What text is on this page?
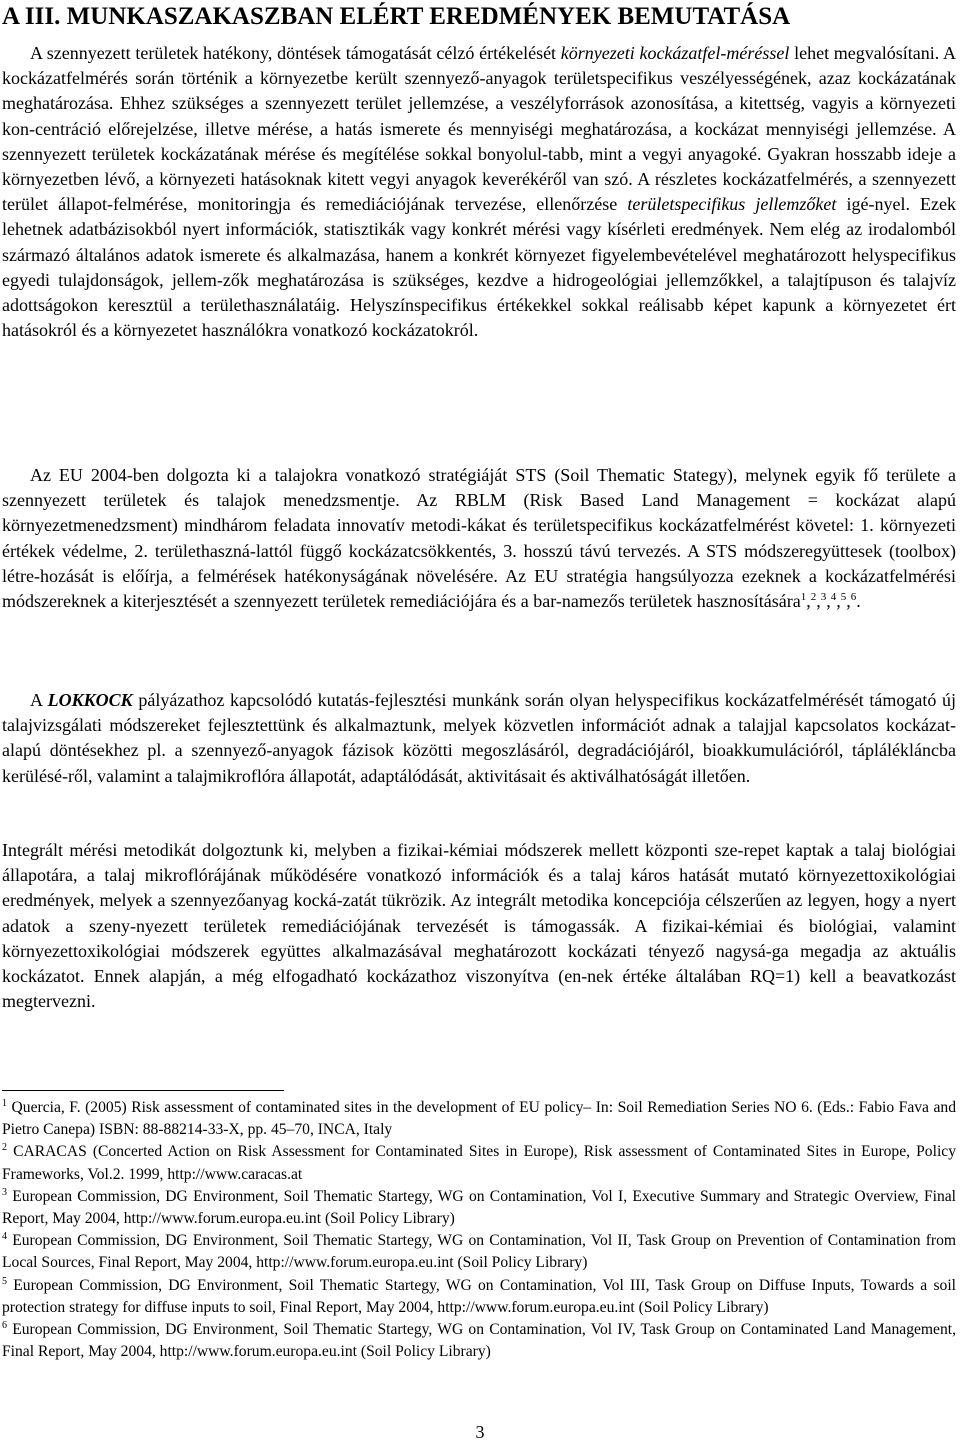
A III. MUNKASZAKASZBAN ELÉRT EREDMÉNYEK BEMUTATÁSA

A szennyezett területek hatékony, döntések támogatását célzó értékelését környezeti kockázatfel-méréssel lehet megvalósítani. A kockázatfelmérés során történik a környezetbe került szennyező-anyagok területspecifikus veszélyességének, azaz kockázatának meghatározása. Ehhez szükséges a szennyezett terület jellemzése, a veszélyforrások azonosítása, a kitettség, vagyis a környezeti kon-centráció előrejelzése, illetve mérése, a hatás ismerete és mennyiségi meghatározása, a kockázat mennyiségi jellemzése. A szennyezett területek kockázatának mérése és megítélése sokkal bonyolul-tabb, mint a vegyi anyagoké. Gyakran hosszabb ideje a környezetben lévő, a környezeti hatásoknak kitett vegyi anyagok keverékéről van szó. A részletes kockázatfelmérés, a szennyezett terület állapot-felmérése, monitoringja és remediációjának tervezése, ellenőrzése területspecifikus jellemzőket igé-nyel. Ezek lehetnek adatbázisokból nyert információk, statisztikák vagy konkrét mérési vagy kísérleti eredmények. Nem elég az irodalomból származó általános adatok ismerete és alkalmazása, hanem a konkrét környezet figyelembevételével meghatározott helyspecifikus egyedi tulajdonságok, jellem-zők meghatározása is szükséges, kezdve a hidrogeológiai jellemzőkkel, a talajtípuson és talajvíz adottságokon keresztül a területhasználatáig. Helyszínspecifikus értékekkel sokkal reálisabb képet kapunk a környezetet ért hatásokról és a környezetet használókra vonatkozó kockázatokról.

Az EU 2004-ben dolgozta ki a talajokra vonatkozó stratégiáját STS (Soil Thematic Stategy), melynek egyik fő területe a szennyezett területek és talajok menedzsmentje. Az RBLM (Risk Based Land Management = kockázat alapú környezetmenedzsment) mindhárom feladata innovatív metodi-kákat és területspecifikus kockázatfelmérést követel: 1. környezeti értékek védelme, 2. területhaszná-lattól függő kockázatcsökkentés, 3. hosszú távú tervezés. A STS módszeregyüttesek (toolbox) létre-hozását is előírja, a felmérések hatékonyságának növelésére. Az EU stratégia hangsúlyozza ezeknek a kockázatfelmérési módszereknek a kiterjesztését a szennyezett területek remediációjára és a bar-namezős területek hasznosítására$^1$,$^2$,$^3$,$^4$,$^5$,$^6$.

A LOKKOCK pályázathoz kapcsolódó kutatás-fejlesztési munkánk során olyan helyspecifikus kockázatfelmérését támogató új talajvizsgálati módszereket fejlesztettünk és alkalmaztunk, melyek közvetlen információt adnak a talajjal kapcsolatos kockázat-alapú döntésekhez pl. a szennyező-anyagok fázisok közötti megoszlásáról, degradációjáról, bioakkumulációról, táplálékláncba kerülésé-ről, valamint a talajmikroflóra állapotát, adaptálódását, aktivitásait és aktiválhatóságát illetően.

Integrált mérési metodikát dolgoztunk ki, melyben a fizikai-kémiai módszerek mellett központi sze-repet kaptak a talaj biológiai állapotára, a talaj mikroflórájának működésére vonatkozó információk és a talaj káros hatását mutató környezettoxikológiai eredmények, melyek a szennyezőanyag kocká-zatát tükrözik. Az integrált metodika koncepciója célszerűen az legyen, hogy a nyert adatok a szeny-nyezett területek remediációjának tervezését is támogassák. A fizikai-kémiai és biológiai, valamint környezettoxikológiai módszerek együttes alkalmazásával meghatározott kockázati tényező nagysá-ga megadja az aktuális kockázatot. Ennek alapján, a még elfogadható kockázathoz viszonyítva (en-nek értéke általában RQ=1) kell a beavatkozást megtervezni.

$^1$ Quercia, F. (2005) Risk assessment of contaminated sites in the development of EU policy– In: Soil Remediation Series NO 6. (Eds.: Fabio Fava and Pietro Canepa) ISBN: 88-88214-33-X, pp. 45–70, INCA, Italy

$^2$ CARACAS (Concerted Action on Risk Assessment for Contaminated Sites in Europe), Risk assessment of Contaminated Sites in Europe, Policy Frameworks, Vol.2. 1999, http://www.caracas.at

$^3$ European Commission, DG Environment, Soil Thematic Startegy, WG on Contamination, Vol I, Executive Summary and Strategic Overview, Final Report, May 2004, http://www.forum.europa.eu.int (Soil Policy Library)

$^4$ European Commission, DG Environment, Soil Thematic Startegy, WG on Contamination, Vol II, Task Group on Prevention of Contamination from Local Sources, Final Report, May 2004, http://www.forum.europa.eu.int (Soil Policy Library)

$^5$ European Commission, DG Environment, Soil Thematic Startegy, WG on Contamination, Vol III, Task Group on Diffuse Inputs, Towards a soil protection strategy for diffuse inputs to soil, Final Report, May 2004, http://www.forum.europa.eu.int (Soil Policy Library)

$^6$ European Commission, DG Environment, Soil Thematic Startegy, WG on Contamination, Vol IV, Task Group on Contaminated Land Management, Final Report, May 2004, http://www.forum.europa.eu.int (Soil Policy Library)

3
